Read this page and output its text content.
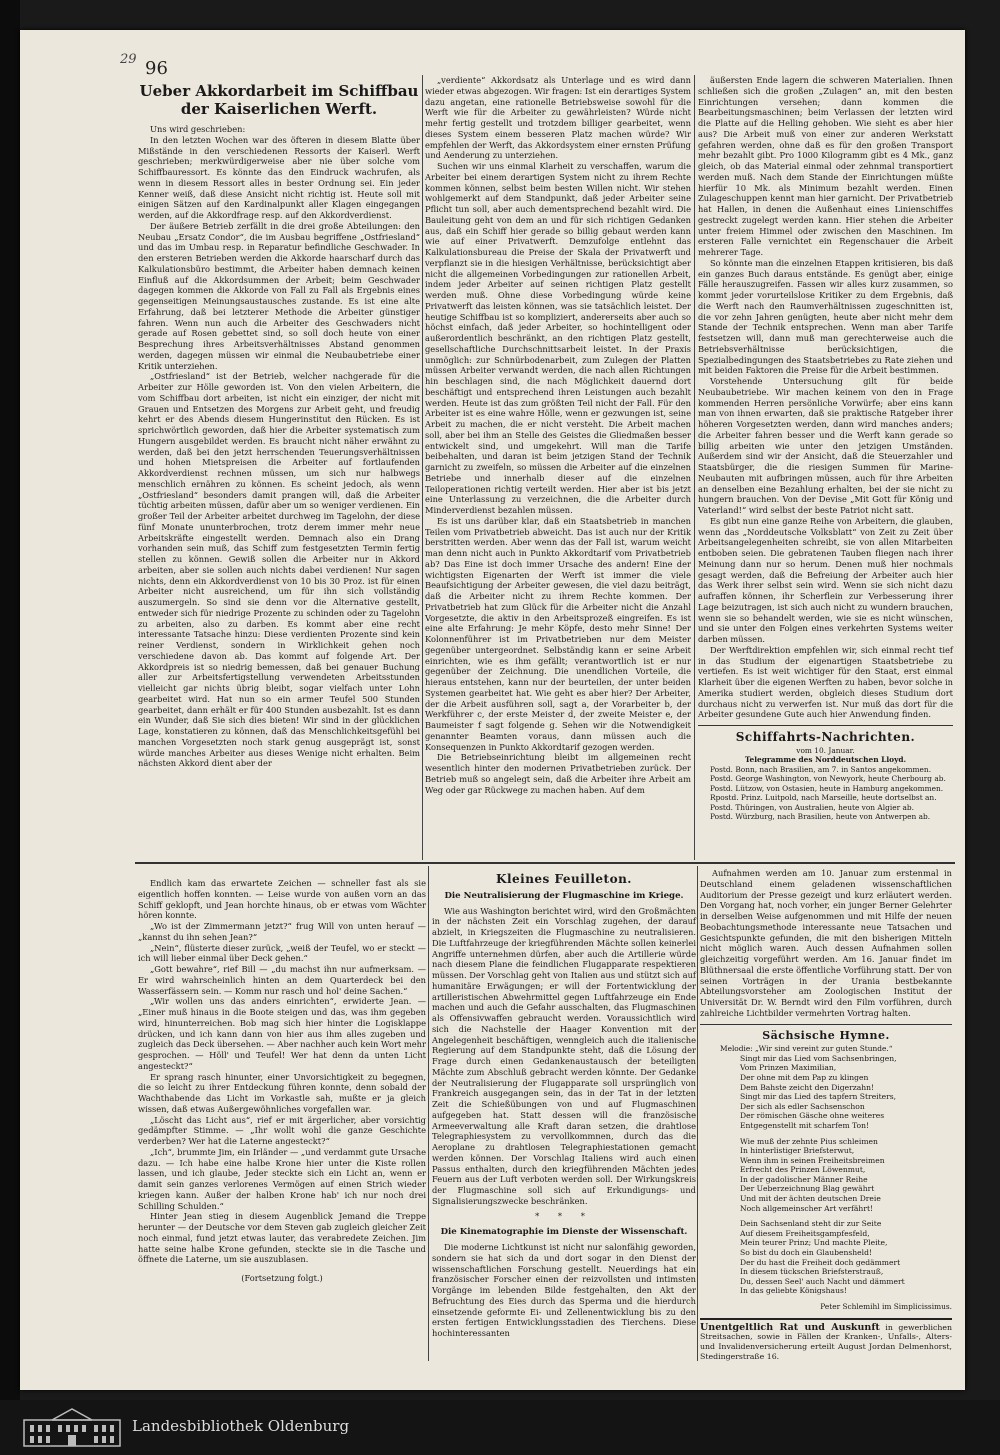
29 96
Ueber Akkordarbeit im Schiffbau der Kaiserlichen Werft.

Uns wird geschrieben:

In den letzten Wochen war des öfteren in diesem Blatte über Mißstände in den verschiedenen Ressorts der Kaiserl. Werft geschrieben; merkwürdigerweise aber nie über solche vom Schiffbauressort. Es könnte das den Eindruck wachrufen, als wenn in diesem Ressort alles in bester Ordnung sei. Ein jeder Kenner weiß, daß diese Ansicht nicht richtig ist. Heute soll mit einigen Sätzen auf den Kardinalpunkt aller Klagen eingegangen werden, auf die Akkordfrage resp. auf den Akkordverdienst.

Der äußere Betrieb zerfällt in die drei große Abteilungen: den Neubau „Ersatz Condor“, die im Ausbau begriffene „Ostfriesland“ und das im Umbau resp. in Reparatur befindliche Geschwader. In den ersteren Betrieben werden die Akkorde haarscharf durch das Kalkulationsbüro bestimmt, die Arbeiter haben demnach keinen Einfluß auf die Akkordsummen der Arbeit; beim Geschwader dagegen kommen die Akkorde von Fall zu Fall als Ergebnis eines gegenseitigen Meinungsaustausches zustande. Es ist eine alte Erfahrung, daß bei letzterer Methode die Arbeiter günstiger fahren. Wenn nun auch die Arbeiter des Geschwaders nicht gerade auf Rosen gebettet sind, so soll doch heute von einer Besprechung ihres Arbeitsverhältnisses Abstand genommen werden, dagegen müssen wir einmal die Neubaubetriebe einer Kritik unterziehen.

„Ostfriesland“ ist der Betrieb, welcher nachgerade für die Arbeiter zur Hölle geworden ist. Von den vielen Arbeitern, die vom Schiffbau dort arbeiten, ist nicht ein einziger, der nicht mit Grauen und Entsetzen des Morgens zur Arbeit geht, und freudig kehrt er des Abends diesem Hungerinstitut den Rücken. Es ist sprichwörtlich geworden, daß hier die Arbeiter systematisch zum Hungern ausgebildet werden. Es braucht nicht näher erwähnt zu werden, daß bei den jetzt herrschenden Teuerungsverhältnissen und hohen Mietspreisen die Arbeiter auf fortlaufenden Akkordverdienst rechnen müssen, um sich nur halbwegs menschlich ernähren zu können. Es scheint jedoch, als wenn „Ostfriesland“ besonders damit prangen will, daß die Arbeiter tüchtig arbeiten müssen, dafür aber um so weniger verdienen. Ein großer Teil der Arbeiter arbeitet durchweg im Tagelohn, der diese fünf Monate ununterbrochen, trotz derem immer mehr neue Arbeitskräfte eingestellt werden. Demnach also ein Drang vorhanden sein muß, das Schiff zum festgesetzten Termin fertig stellen zu können. Gewiß sollen die Arbeiter nur in Akkord arbeiten, aber sie sollen auch nichts dabei verdienen! Nur sagen nichts, denn ein Akkordverdienst von 10 bis 30 Proz. ist für einen Arbeiter nicht ausreichend, um für ihn sich vollständig auszumergeln. So sind sie denn vor die Alternative gestellt, entweder sich für niedrige Prozente zu schinden oder zu Tagelohn zu arbeiten, also zu darben. Es kommt aber eine recht interessante Tatsache hinzu: Diese verdienten Prozente sind kein reiner Verdienst, sondern in Wirklichkeit gehen noch verschiedene davon ab. Das kommt auf folgende Art. Der Akkordpreis ist so niedrig bemessen, daß bei genauer Buchung aller zur Arbeitsfertigstellung verwendeten Arbeitsstunden vielleicht gar nichts übrig bleibt, sogar vielfach unter Lohn gearbeitet wird. Hat nun so ein armer Teufel 500 Stunden gearbeitet, dann erhält er für 400 Stunden ausbezahlt. Ist es dann ein Wunder, daß Sie sich dies bieten! Wir sind in der glücklichen Lage, konstatieren zu können, daß das Menschlichkeitsgefühl bei manchen Vorgesetzten noch stark genug ausgeprägt ist, sonst würde manches Arbeiter aus dieses Wenige nicht erhalten. Beim nächsten Akkord dient aber der

„verdiente“ Akkordsatz als Unterlage und es wird dann wieder etwas abgezogen. Wir fragen: Ist ein derartiges System dazu angetan, eine rationelle Betriebsweise sowohl für die Werft wie für die Arbeiter zu gewährleisten? Würde nicht mehr fertig gestellt und trotzdem billiger gearbeitet, wenn dieses System einem besseren Platz machen würde? Wir empfehlen der Werft, das Akkordsystem einer ernsten Prüfung und Aenderung zu unterziehen.

Suchen wir uns einmal Klarheit zu verschaffen, warum die Arbeiter bei einem derartigen System nicht zu ihrem Rechte kommen können, selbst beim besten Willen nicht. Wir stehen wohlgemerkt auf dem Standpunkt, daß jeder Arbeiter seine Pflicht tun soll, aber auch dementsprechend bezahlt wird. Die Bauleitung geht von dem an und für sich richtigen Gedanken aus, daß ein Schiff hier gerade so billig gebaut werden kann wie auf einer Privatwerft. Demzufolge entlehnt das Kalkulationsbureau die Preise der Skala der Privatwerft und verpflanzt sie in die hiesigen Verhältnisse, berücksichtigt aber nicht die allgemeinen Vorbedingungen zur rationellen Arbeit, indem jeder Arbeiter auf seinen richtigen Platz gestellt werden muß. Ohne diese Vorbedingung würde keine Privatwerft das leisten können, was sie tatsächlich leistet. Der heutige Schiffbau ist so kompliziert, andererseits aber auch so höchst einfach, daß jeder Arbeiter, so hochintelligent oder außerordentlich beschränkt, an den richtigen Platz gestellt, gesellschaftliche Durchschnittsarbeit leistet. In der Praxis unmöglich: zur Schnürbodenarbeit, zum Zulegen der Platten müssen Arbeiter verwandt werden, die nach allen Richtungen hin beschlagen sind, die nach Möglichkeit dauernd dort beschäftigt und entsprechend ihren Leistungen auch bezahlt werden. Heute ist das zum größten Teil nicht der Fall. Für den Arbeiter ist es eine wahre Hölle, wenn er gezwungen ist, seine Arbeit zu machen, die er nicht versteht. Die Arbeit machen soll, aber bei ihm an Stelle des Geistes die Gliedmaßen besser entwickelt sind, und umgekehrt. Will man die Tarife beibehalten, und daran ist beim jetzigen Stand der Technik garnicht zu zweifeln, so müssen die Arbeiter auf die einzelnen Betriebe und innerhalb dieser auf die einzelnen Teiloperationen richtig verteilt werden. Hier aber ist bis jetzt eine Unterlassung zu verzeichnen, die die Arbeiter durch Minderverdienst bezahlen müssen.

Es ist uns darüber klar, daß ein Staatsbetrieb in manchen Teilen vom Privatbetrieb abweicht. Das ist auch nur der Kritik berstritten werden. Aber wenn das der Fall ist, warum weicht man denn nicht auch in Punkto Akkordtarif vom Privatbetrieb ab? Das Eine ist doch immer Ursache des andern! Eine der wichtigsten Eigenarten der Werft ist immer die viele Beaufsichtigung der Arbeiter gewesen, die viel dazu beiträgt, daß die Arbeiter nicht zu ihrem Rechte kommen. Der Privatbetrieb hat zum Glück für die Arbeiter nicht die Anzahl Vorgesetzte, die aktiv in den Arbeitsprozeß eingreifen. Es ist eine alte Erfahrung: Je mehr Köpfe, desto mehr Sinne! Der Kolonnenführer ist im Privatbetrieben nur dem Meister gegenüber untergeordnet. Selbständig kann er seine Arbeit einrichten, wie es ihm gefällt; verantwortlich ist er nur gegenüber der Zeichnung. Die unendlichen Vorteile, die hieraus entstehen, kann nur der beurteilen, der unter beiden Systemen gearbeitet hat. Wie geht es aber hier? Der Arbeiter, der die Arbeit ausführen soll, sagt a, der Vorarbeiter b, der Werkführer c, der erste Meister d, der zweite Meister e, der Baumeister f sagt folgende g. Sehen wir die Notwendigkeit genannter Beamten voraus, dann müssen auch die Konsequenzen in Punkto Akkordtarif gezogen werden.

Die Betriebseinrichtung bleibt im allgemeinen recht wesentlich hinter den modernen Privatbetrieben zurück. Der Betrieb muß so angelegt sein, daß die Arbeiter ihre Arbeit am Weg oder gar Rückwege zu machen haben. Auf dem

äußersten Ende lagern die schweren Materialien. Ihnen schließen sich die großen „Zulagen“ an, mit den besten Einrichtungen versehen; dann kommen die Bearbeitungsmaschinen; beim Verlassen der letzten wird die Platte auf die Helling gehoben. Wie sieht es aber hier aus? Die Arbeit muß von einer zur anderen Werkstatt gefahren werden, ohne daß es für den großen Transport mehr bezahlt gibt. Pro 1000 Kilogramm gibt es 4 Mk., ganz gleich, ob das Material einmal oder zehnmal transportiert werden muß. Nach dem Stande der Einrichtungen müßte hierfür 10 Mk. als Minimum bezahlt werden. Einen Zulageschuppen kennt man hier garnicht. Der Privatbetrieb hat Hallen, in denen die Außenhaut eines Linienschiffes gestreckt zugelegt werden kann. Hier stehen die Arbeiter unter freiem Himmel oder zwischen den Maschinen. Im ersteren Falle vernichtet ein Regenschauer die Arbeit mehrerer Tage.

So könnte man die einzelnen Etappen kritisieren, bis daß ein ganzes Buch daraus entstände. Es genügt aber, einige Fälle herauszugreifen. Fassen wir alles kurz zusammen, so kommt jeder vorurteilslose Kritiker zu dem Ergebnis, daß die Werft nach den Raumverhältnissen zugeschnitten ist, die vor zehn Jahren genügten, heute aber nicht mehr dem Stande der Technik entsprechen. Wenn man aber Tarife festsetzen will, dann muß man gerechterweise auch die Betriebsverhältnisse berücksichtigen, die Spezialbedingungen des Staatsbetriebes zu Rate ziehen und mit beiden Faktoren die Preise für die Arbeit bestimmen.

Vorstehende Untersuchung gilt für beide Neubaubetriebe. Wir machen keinem von den in Frage kommenden Herren persönliche Vorwürfe; aber eins kann man von ihnen erwarten, daß sie praktische Ratgeber ihrer höheren Vorgesetzten werden, dann wird manches anders; die Arbeiter fahren besser und die Werft kann gerade so billig arbeiten wie unter den jetzigen Umständen. Außerdem sind wir der Ansicht, daß die Steuerzahler und Staatsbürger, die die riesigen Summen für Marine-Neubauten mit aufbringen müssen, auch für ihre Arbeiten an denselben eine Bezahlung erhalten, bei der sie nicht zu hungern brauchen. Von der Devise „Mit Gott für König und Vaterland!“ wird selbst der beste Patriot nicht satt.

Es gibt nun eine ganze Reihe von Arbeitern, die glauben, wenn das „Norddeutsche Volksblatt“ von Zeit zu Zeit über Arbeitsangelegenheiten schreibt, sie von allen Mitarbeiten entboben seien. Die gebratenen Tauben fliegen nach ihrer Meinung dann nur so herum. Denen muß hier nochmals gesagt werden, daß die Befreiung der Arbeiter auch hier das Werk ihrer selbst sein wird. Wenn sie sich nicht dazu aufraffen können, ihr Scherflein zur Verbesserung ihrer Lage beizutragen, ist sich auch nicht zu wundern brauchen, wenn sie so behandelt werden, wie sie es nicht wünschen, und sie unter den Folgen eines verkehrten Systems weiter darben müssen.

Der Werftdirektion empfehlen wir, sich einmal recht tief in das Studium der eigenartigen Staatsbetriebe zu vertiefen. Es ist weit wichtiger für den Staat, erst einmal Klarheit über die eigenen Werften zu haben, bevor solche in Amerika studiert werden, obgleich dieses Studium dort durchaus nicht zu verwerfen ist. Nur muß das dort für die Arbeiter gesundene Gute auch hier Anwendung finden.

Schiffahrts-Nachrichten.

vom 10. Januar.

Telegramme des Norddeutschen Lloyd.

Postd. Bonn, nach Brasilien, am 7. in Santos angekommen.

Postd. George Washington, von Newyork, heute Cherbourg ab.

Postd. Lützow, von Ostasien, heute in Hamburg angekommen.

Rpostd. Prinz. Luitpold, nach Marseille, heute dortselbst an.

Postd. Thüringen, von Australien, heute von Algier ab.

Postd. Würzburg, nach Brasilien, heute von Antwerpen ab.

Endlich kam das erwartete Zeichen — schneller fast als sie eigentlich hoffen konnten. — Leise wurde von außen vorn an das Schiff geklopft, und Jean horchte hinaus, ob er etwas vom Wächter hören konnte.

„Wo ist der Zimmermann jetzt?“ frug Will von unten herauf — „kannst du ihn sehen Jean?“

„Nein“, flüsterte dieser zurück, „weiß der Teufel, wo er steckt — ich will lieber einmal über Deck gehen.“

„Gott bewahre“, rief Bill — „du machst ihn nur aufmerksam. — Er wird wahrscheinlich hinten an dem Quarterdeck bei den Wasserfässern sein. — Komm nur rasch und hol' deine Sachen.“

„Wir wollen uns das anders einrichten“, erwiderte Jean. — „Einer muß hinaus in die Boote steigen und das, was ihm gegeben wird, hinunterreichen. Bob mag sich hier hinter die Logisklappe drücken, und ich kann dann von hier aus ihm alles zugeben und zugleich das Deck übersehen. — Aber nachher auch kein Wort mehr gesprochen. — Höll' und Teufel! Wer hat denn da unten Licht angesteckt?“

Er sprang rasch hinunter, einer Unvorsichtigkeit zu begegnen, die so leicht zu ihrer Entdeckung führen konnte, denn sobald der Wachthabende das Licht im Vorkastle sah, mußte er ja gleich wissen, daß etwas Außergewöhnliches vorgefallen war.

„Löscht das Licht aus“, rief er mit ärgerlicher, aber vorsichtig gedämpfter Stimme. — „Ihr wollt wohl die ganze Geschichte verderben? Wer hat die Laterne angesteckt?“

„Ich“, brummte Jim, ein Irländer — „und verdammt gute Ursache dazu. — Ich habe eine halbe Krone hier unter die Kiste rollen lassen, und ich glaube, Jeder steckte sich ein Licht an, wenn er damit sein ganzes verlorenes Vermögen auf einen Strich wieder kriegen kann. Außer der halben Krone hab' ich nur noch drei Schilling Schulden.“

Hinter Jean stieg in diesem Augenblick Jemand die Treppe herunter — der Deutsche vor dem Steven gab zugleich gleicher Zeit noch einmal, fund jetzt etwas lauter, das verabredete Zeichen. Jim hatte seine halbe Krone gefunden, steckte sie in die Tasche und öffnete die Laterne, um sie auszublasen.

(Fortsetzung folgt.)

Kleines Feuilleton.
Die Neutralisierung der Flugmaschine im Kriege.

Wie aus Washington berichtet wird, wird den Großmächten in der nächsten Zeit ein Vorschlag zugehen, der darauf abzielt, in Kriegszeiten die Flugmaschine zu neutralisieren. Die Luftfahrzeuge der kriegführenden Mächte sollen keinerlei Angriffe unternehmen dürfen, aber auch die Artillerie würde nach diesem Plane die feindlichen Flugapparate respektieren müssen. Der Vorschlag geht von Italien aus und stützt sich auf humanitäre Erwägungen; er will der Fortentwicklung der artilleristischen Abwehrmittel gegen Luftfahrzeuge ein Ende machen und auch die Gefahr ausschalten, das Flugmaschinen als Offensivwaffen gebraucht werden. Voraussichtlich wird sich die Nachstelle der Haager Konvention mit der Angelegenheit beschäftigen, wenngleich auch die italienische Regierung auf dem Standpunkte steht, daß die Lösung der Frage durch einen Gedankenaustausch der beteiligten Mächte zum Abschluß gebracht werden könnte. Der Gedanke der Neutralisierung der Flugapparate soll ursprünglich von Frankreich ausgegangen sein, das in der Tat in der letzten Zeit die Schießübungen von und auf Flugmaschinen aufgegeben hat. Statt dessen will die französische Armeeverwaltung alle Kraft daran setzen, die drahtlose Telegraphiesystem zu vervollkommnen, durch das die Aeroplane zu drahtlosen Telegraphiestationen gemacht werden können. Der Vorschlag Italiens wird auch einen Passus enthalten, durch den kriegführenden Mächten jedes Feuern aus der Luft verboten werden soll. Der Wirkungskreis der Flugmaschine soll sich auf Erkundigungs- und Signalisierungszwecke beschränken.

* * *
Die Kinematographie im Dienste der Wissenschaft.

Die moderne Lichtkunst ist nicht nur salonfähig geworden, sondern sie hat sich da und dort sogar in den Dienst der wissenschaftlichen Forschung gestellt. Neuerdings hat ein französischer Forscher einen der reizvollsten und intimsten Vorgänge im lebenden Bilde festgehalten, den Akt der Befruchtung des Eies durch das Sperma und die hierdurch einsetzende geformte Ei- und Zellenentwicklung bis zu den ersten fertigen Entwicklungsstadien des Tierchens. Diese hochinteressanten

Aufnahmen werden am 10. Januar zum erstenmal in Deutschland einem geladenen wissenschaftlichen Auditorium der Presse gezeigt und kurz erläutert werden. Den Vorgang hat, noch vorher, ein junger Berner Gelehrter in derselben Weise aufgenommen und mit Hilfe der neuen Beobachtungsmethode interessante neue Tatsachen und Gesichtspunkte gefunden, die mit den bisherigen Mitteln nicht möglich waren. Auch dessen Aufnahmen sollen gleichzeitig vorgeführt werden. Am 16. Januar findet im Blüthnersaal die erste öffentliche Vorführung statt. Der von seinen Vorträgen in der Urania bestbekannte Abteilungsvorsteher am Zoologischen Institut der Universität Dr. W. Berndt wird den Film vorführen, durch zahlreiche Lichtbilder vermehrten Vortrag halten.

Sächsische Hymne.

Melodie: „Wir sind vereint zur guten Stunde.“

Singt mir das Lied vom Sachsenbringen,

Vom Prinzen Maximilian,

Der ohne mit dem Pap zu klingen

Dem Bahste zeicht den Digerzahn!

Singt mir das Lied des tapfern Streiters,

Der sich als edler Sachsenschon

Der römischen Gäsche ohne weiteres

Entgegenstellt mit scharfem Ton!

Wie muß der zehnte Pius schleimen

In hinterlistiger Briefsterwut,

Wenn ihm in seinen Freiheitsbreimen

Erfrecht des Prinzen Löwenmut,

In der gadolischer Männer Reihe

Der Ueberzeichnung Blag gewährt

Und mit der ächten deutschen Dreie

Noch allgemeinscher Art verfährt!

Dein Sachsenland steht dir zur Seite

Auf diesem Freiheitsgampfesfeld,

Mein teurer Prinz; Und machte Pleite,

So bist du doch ein Glaubensheld!

Der du hast die Freiheit doch gedämmert

In diesem tückschen Briefsterstrauß,

Du, dessen Seel' auch Nacht und dämmert

In das geliebte Königshaus!

Peter Schlemihl im Simplicissimus.

Unentgeltlich Rat und Auskunft in gewerblichen Streitsachen, sowie in Fällen der Kranken-, Unfalls-, Alters- und Invalidenversicherung erteilt August Jordan Delmenhorst, Stedingerstraße 16.
Landesbibliothek Oldenburg
